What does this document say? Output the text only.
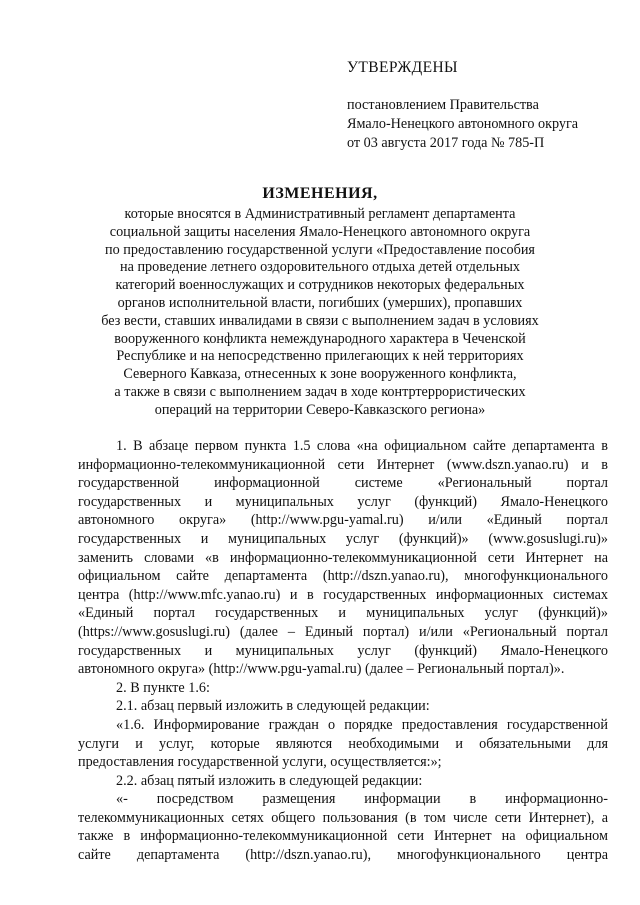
УТВЕРЖДЕНЫ
постановлением Правительства
Ямало-Ненецкого автономного округа
от 03 августа 2017 года № 785-П
ИЗМЕНЕНИЯ,
которые вносятся в Административный регламент департамента
социальной защиты населения Ямало-Ненецкого автономного округа
по предоставлению государственной услуги «Предоставление пособия
на проведение летнего оздоровительного отдыха детей отдельных
категорий военнослужащих и сотрудников некоторых федеральных
органов исполнительной власти, погибших (умерших), пропавших
без вести, ставших инвалидами в связи с выполнением задач в условиях
вооруженного конфликта немеждународного характера в Чеченской
Республике и на непосредственно прилегающих к ней территориях
Северного Кавказа, отнесенных к зоне вооруженного конфликта,
а также в связи с выполнением задач в ходе контртеррористических
операций на территории Северо-Кавказского региона»
1. В абзаце первом пункта 1.5 слова «на официальном сайте департамента в
информационно-телекоммуникационной сети Интернет (www.dszn.yanao.ru) и в
государственной информационной системе «Региональный портал
государственных и муниципальных услуг (функций) Ямало-Ненецкого
автономного округа» (http://www.pgu-yamal.ru) и/или «Единый портал
государственных и муниципальных услуг (функций)» (www.gosuslugi.ru)»
заменить словами «в информационно-телекоммуникационной сети Интернет на
официальном сайте департамента (http://dszn.yanao.ru), многофункционального
центра (http://www.mfc.yanao.ru) и в государственных информационных системах
«Единый портал государственных и муниципальных услуг (функций)»
(https://www.gosuslugi.ru) (далее – Единый портал) и/или «Региональный портал
государственных и муниципальных услуг (функций) Ямало-Ненецкого
автономного округа» (http://www.pgu-yamal.ru) (далее – Региональный портал)».
2. В пункте 1.6:
2.1. абзац первый изложить в следующей редакции:
«1.6. Информирование граждан о порядке предоставления государственной
услуги и услуг, которые являются необходимыми и обязательными для
предоставления государственной услуги, осуществляется:»;
2.2. абзац пятый изложить в следующей редакции:
«- посредством размещения информации в информационно-
телекоммуникационных сетях общего пользования (в том числе сети Интернет), а
также в информационно-телекоммуникационной сети Интернет на официальном
сайте департамента (http://dszn.yanao.ru), многофункционального центра
